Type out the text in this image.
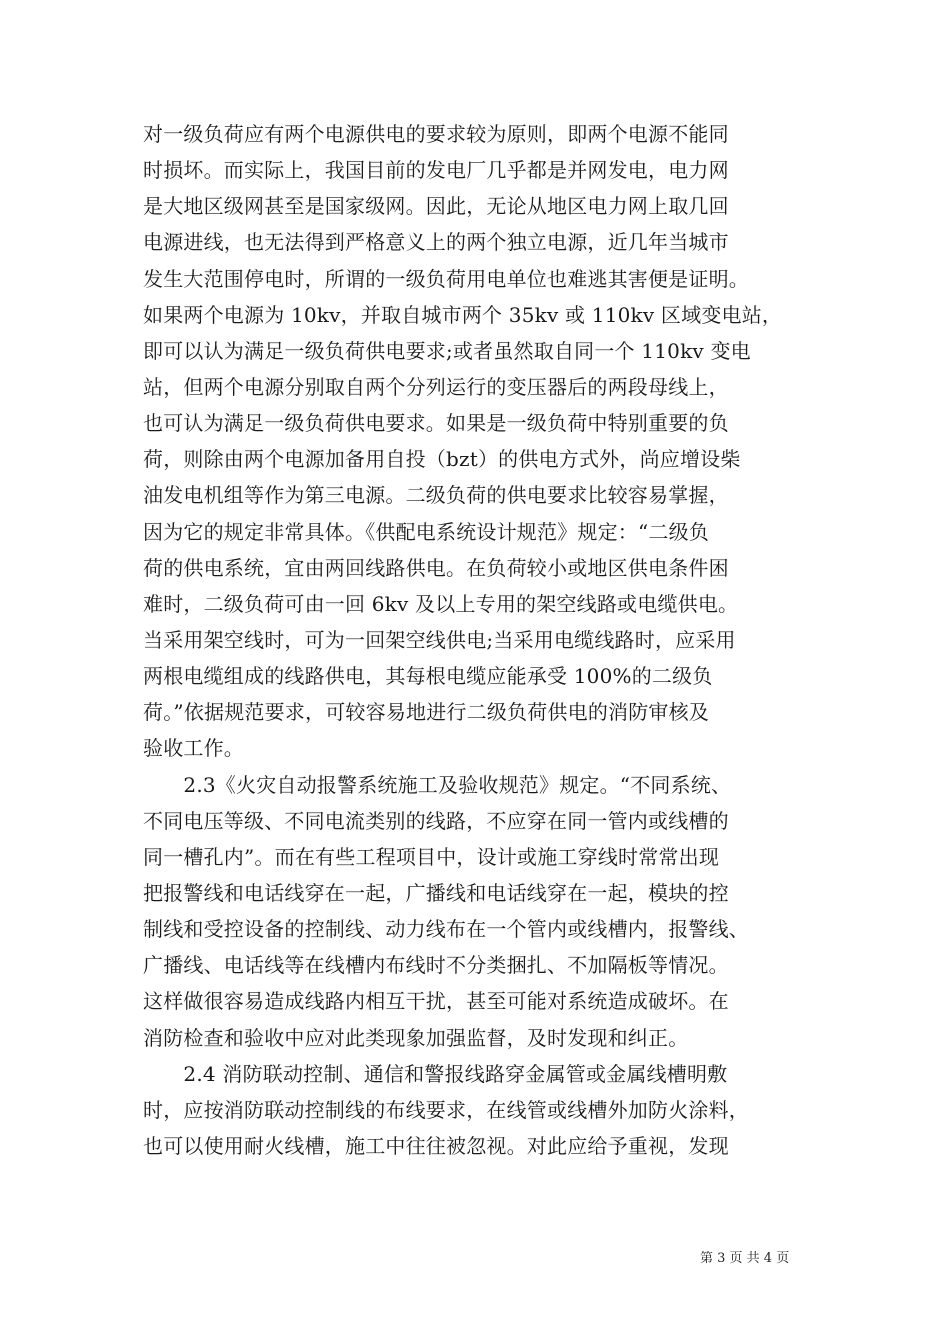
对一级负荷应有两个电源供电的要求较为原则，即两个电源不能同
时损坏。而实际上，我国目前的发电厂几乎都是并网发电，电力网
是大地区级网甚至是国家级网。因此，无论从地区电力网上取几回
电源进线，也无法得到严格意义上的两个独立电源，近几年当城市
发生大范围停电时，所谓的一级负荷用电单位也难逃其害便是证明。
如果两个电源为 10kv，并取自城市两个 35kv 或 110kv 区域变电站，
即可以认为满足一级负荷供电要求;或者虽然取自同一个 110kv 变电
站，但两个电源分别取自两个分列运行的变压器后的两段母线上，
也可认为满足一级负荷供电要求。如果是一级负荷中特别重要的负
荷，则除由两个电源加备用自投（bzt）的供电方式外，尚应增设柴
油发电机组等作为第三电源。二级负荷的供电要求比较容易掌握，
因为它的规定非常具体。《供配电系统设计规范》规定：“二级负
荷的供电系统，宜由两回线路供电。在负荷较小或地区供电条件困
难时，二级负荷可由一回 6kv 及以上专用的架空线路或电缆供电。
当采用架空线时，可为一回架空线供电;当采用电缆线路时，应采用
两根电缆组成的线路供电，其每根电缆应能承受 100%的二级负
荷。”依据规范要求，可较容易地进行二级负荷供电的消防审核及
验收工作。
　　2.3《火灾自动报警系统施工及验收规范》规定。“不同系统、
不同电压等级、不同电流类别的线路，不应穿在同一管内或线槽的
同一槽孔内”。而在有些工程项目中，设计或施工穿线时常常出现
把报警线和电话线穿在一起，广播线和电话线穿在一起，模块的控
制线和受控设备的控制线、动力线布在一个管内或线槽内，报警线、
广播线、电话线等在线槽内布线时不分类捆扎、不加隔板等情况。
这样做很容易造成线路内相互干扰，甚至可能对系统造成破坏。在
消防检查和验收中应对此类现象加强监督，及时发现和纠正。
　　2.4 消防联动控制、通信和警报线路穿金属管或金属线槽明敷
时，应按消防联动控制线的布线要求，在线管或线槽外加防火涂料，
也可以使用耐火线槽，施工中往往被忽视。对此应给予重视，发现
第 3 页 共 4 页
